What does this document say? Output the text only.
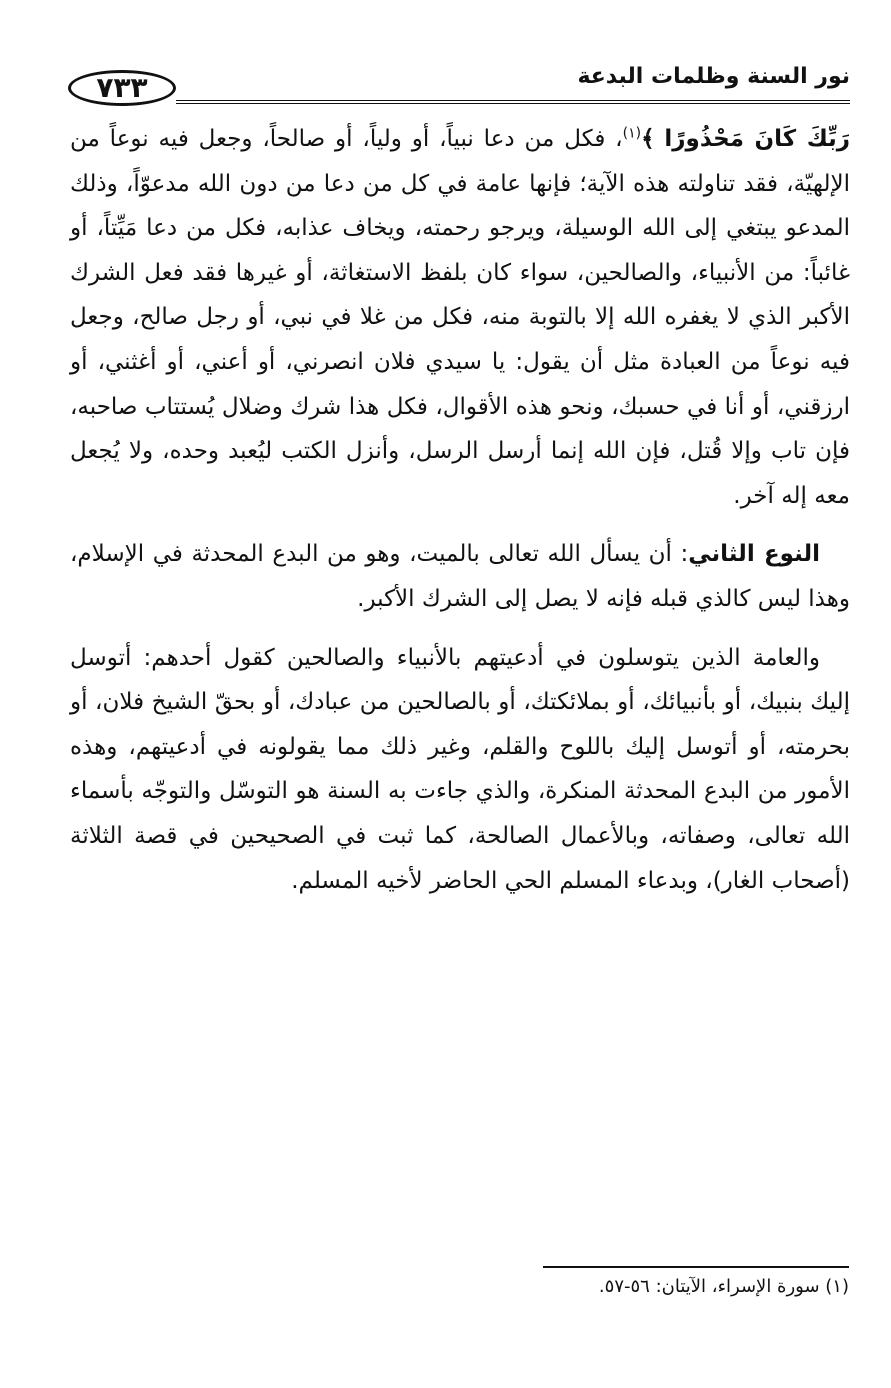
٧٣٣	نور السنة وظلمات البدعة

رَبِّكَ كَانَ مَحْذُورًا ﴾$^{(١)}$، فكل من دعا نبياً، أو ولياً، أو صالحاً، وجعل فيه نوعاً من الإلهيّة، فقد تناولته هذه الآية؛ فإنها عامة في كل من دعا من دون الله مدعوّاً، وذلك المدعو يبتغي إلى الله الوسيلة، ويرجو رحمته، ويخاف عذابه، فكل من دعا مَيِّتاً، أو غائباً: من الأنبياء، والصالحين، سواء كان بلفظ الاستغاثة، أو غيرها فقد فعل الشرك الأكبر الذي لا يغفره الله إلا بالتوبة منه، فكل من غلا في نبي، أو رجل صالح، وجعل فيه نوعاً من العبادة مثل أن يقول: يا سيدي فلان انصرني، أو أعني، أو أغثني، أو ارزقني، أو أنا في حسبك، ونحو هذه الأقوال، فكل هذا شرك وضلال يُستتاب صاحبه، فإن تاب وإلا قُتل، فإن الله إنما أرسل الرسل، وأنزل الكتب ليُعبد وحده، ولا يُجعل معه إله آخر.

النوع الثاني: أن يسأل الله تعالى بالميت، وهو من البدع المحدثة في الإسلام، وهذا ليس كالذي قبله فإنه لا يصل إلى الشرك الأكبر.

والعامة الذين يتوسلون في أدعيتهم بالأنبياء والصالحين كقول أحدهم: أتوسل إليك بنبيك، أو بأنبيائك، أو بملائكتك، أو بالصالحين من عبادك، أو بحقّ الشيخ فلان، أو بحرمته، أو أتوسل إليك باللوح والقلم، وغير ذلك مما يقولونه في أدعيتهم، وهذه الأمور من البدع المحدثة المنكرة، والذي جاءت به السنة هو التوسّل والتوجّه بأسماء الله تعالى، وصفاته، وبالأعمال الصالحة، كما ثبت في الصحيحين في قصة الثلاثة (أصحاب الغار)، وبدعاء المسلم الحي الحاضر لأخيه المسلم.

(١) سورة الإسراء، الآيتان: ٥٦-٥٧.
